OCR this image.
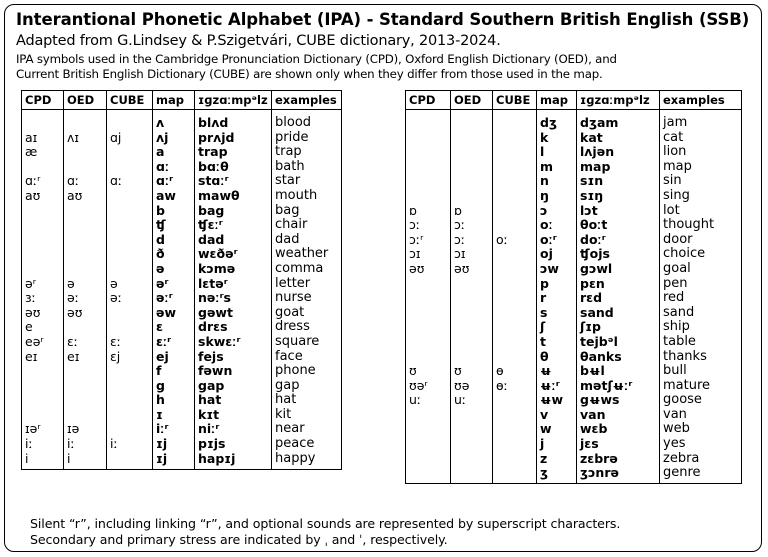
Interantional Phonetic Alphabet (IPA) - Standard Southern British English (SSB)
Adapted from G.Lindsey & P.Szigetvári, CUBE dictionary, 2013-2024.
IPA symbols used in the Cambridge Pronunciation Dictionary (CPD), Oxford English Dictionary (OED), and
Current British English Dictionary (CUBE) are shown only when they differ from those used in the map.
CPD	OED	CUBE	map	ɪɡzɑːmpᵊlz	examples

			ʌ	blʌd	blood
aɪ	ʌɪ	ɑj	ʌj	prʌjd	pride
æ			a	trap	trap
			ɑː	bɑːθ	bath
ɑːʳ	ɑː	ɑː	ɑːʳ	stɑːʳ	star
aʊ	aʊ		aw	mawθ	mouth
			b	bag	bag
			ʧ	ʧɛːʳ	chair
			d	dad	dad
			ð	wɛðəʳ	weather
			ə	kɔmə	comma
əʳ	ə	ə	əʳ	lɛtəʳ	letter
ɜː	əː	əː	əːʳ	nəːʳs	nurse
əʊ	əʊ		əw	gəwt	goat
e			ɛ	drɛs	dress
eəʳ	ɛː	ɛː	ɛːʳ	skwɛːʳ	square
eɪ	eɪ	ɛj	ej	fejs	face
			f	fəwn	phone
			g	gap	gap
			h	hat	hat
			ɪ	kɪt	kit
ɪəʳ	ɪə		iːʳ	niːʳ	near
iː	iː	iː	ɪj	pɪjs	peace
i	i		ɪj	hapɪj	happy
CPD	OED	CUBE	map	ɪɡzɑːmpᵊlz	examples

			dʒ	dʒam	jam
			k	kat	cat
			l	lʌjən	lion
			m	map	map
			n	sɪn	sin
			ŋ	sɪŋ	sing
ɒ	ɒ		ɔ	lɔt	lot
ɔː	ɔː		oː	θoːt	thought
ɔːʳ	ɔː	oː	oːʳ	doːʳ	door
ɔɪ	ɔɪ		oj	ʧojs	choice
əʊ	əʊ		ɔw	gɔwl	goal
			p	pɛn	pen
			r	rɛd	red
			s	sand	sand
			ʃ	ʃɪp	ship
			t	tejbᵊl	table
			θ	θanks	thanks
ʊ	ʊ	ɵ	ʉ	bʉl	bull
ʊəʳ	ʊə	ɵː	ʉːʳ	mətʃʉːʳ	mature
uː	uː		ʉw	gʉws	goose
			v	van	van
			w	wɛb	web
			j	jɛs	yes
			z	zɛbrə	zebra
			ʒ	ʒɔnrə	genre
Silent “r”, including linking “r”, and optional sounds are represented by superscript characters.
Secondary and primary stress are indicated by ˌ and ˈ, respectively.
